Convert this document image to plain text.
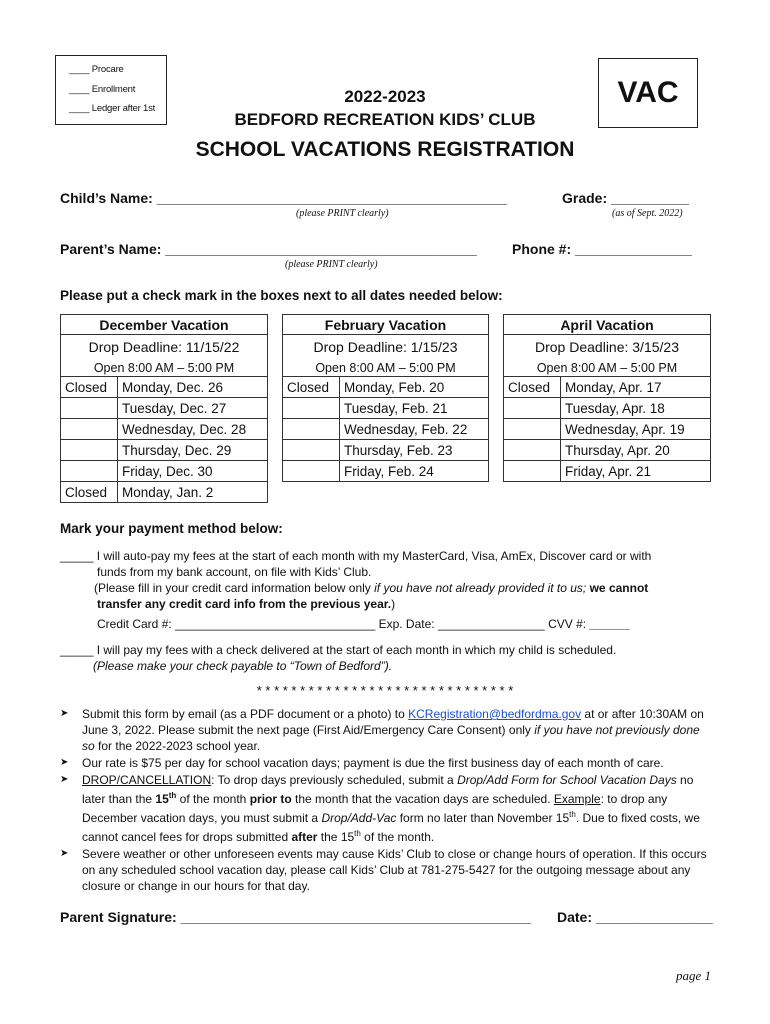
____ Procare
____ Enrollment
____ Ledger after 1st	VAC
2022-2023
BEDFORD RECREATION KIDS’ CLUB
SCHOOL VACATIONS REGISTRATION
Child’s Name: _____________________________________________
(please PRINT clearly)
Grade: __________
(as of Sept. 2022)
Parent’s Name: ________________________________________
(please PRINT clearly)
Phone #: _______________
Please put a check mark in the boxes next to all dates needed below:
December Vacation	
Drop Deadline: 11/15/22	
Open 8:00 AM – 5:00 PM	
Closed	Monday, Dec. 26
	Tuesday, Dec. 27
	Wednesday, Dec. 28
	Thursday, Dec. 29
	Friday, Dec. 30
Closed	Monday, Jan. 2
February Vacation	
Drop Deadline: 1/15/23	
Open 8:00 AM – 5:00 PM	
Closed	Monday, Feb. 20
	Tuesday, Feb. 21
	Wednesday, Feb. 22
	Thursday, Feb. 23
	Friday, Feb. 24
April Vacation	
Drop Deadline: 3/15/23	
Open 8:00 AM – 5:00 PM	
Closed	Monday, Apr. 17
	Tuesday, Apr. 18
	Wednesday, Apr. 19
	Thursday, Apr. 20
	Friday, Apr. 21
Mark your payment method below:
_____ I will auto-pay my fees at the start of each month with my MasterCard, Visa, AmEx, Discover card or with
funds from my bank account, on file with Kids’ Club.
(Please fill in your credit card information below only if you have not already provided it to us; we cannot
transfer any credit card info from the previous year.)
Credit Card #: ______________________________ Exp. Date: ________________ CVV #: ______
_____ I will pay my fees with a check delivered at the start of each month in which my child is scheduled.
(Please make your check payable to “Town of Bedford”).
* * * * * * * * * * * * * * * * * * * * * * * * * * * * * *
➤ Submit this form by email (as a PDF document or a photo) to KCRegistration@bedfordma.gov at or after 10:30AM on June 3, 2022. Please submit the next page (First Aid/Emergency Care Consent) only if you have not previously done so for the 2022-2023 school year.
➤ Our rate is $75 per day for school vacation days; payment is due the first business day of each month of care.
➤ DROP/CANCELLATION: To drop days previously scheduled, submit a Drop/Add Form for School Vacation Days no later than the 15th of the month prior to the month that the vacation days are scheduled. Example: to drop any December vacation days, you must submit a Drop/Add-Vac form no later than November 15th. Due to fixed costs, we cannot cancel fees for drops submitted after the 15th of the month.
➤ Severe weather or other unforeseen events may cause Kids’ Club to close or change hours of operation. If this occurs on any scheduled school vacation day, please call Kids’ Club at 781-275-5427 for the outgoing message about any closure or change in our hours for that day.
Parent Signature: _____________________________________________ Date: _______________
page 1
